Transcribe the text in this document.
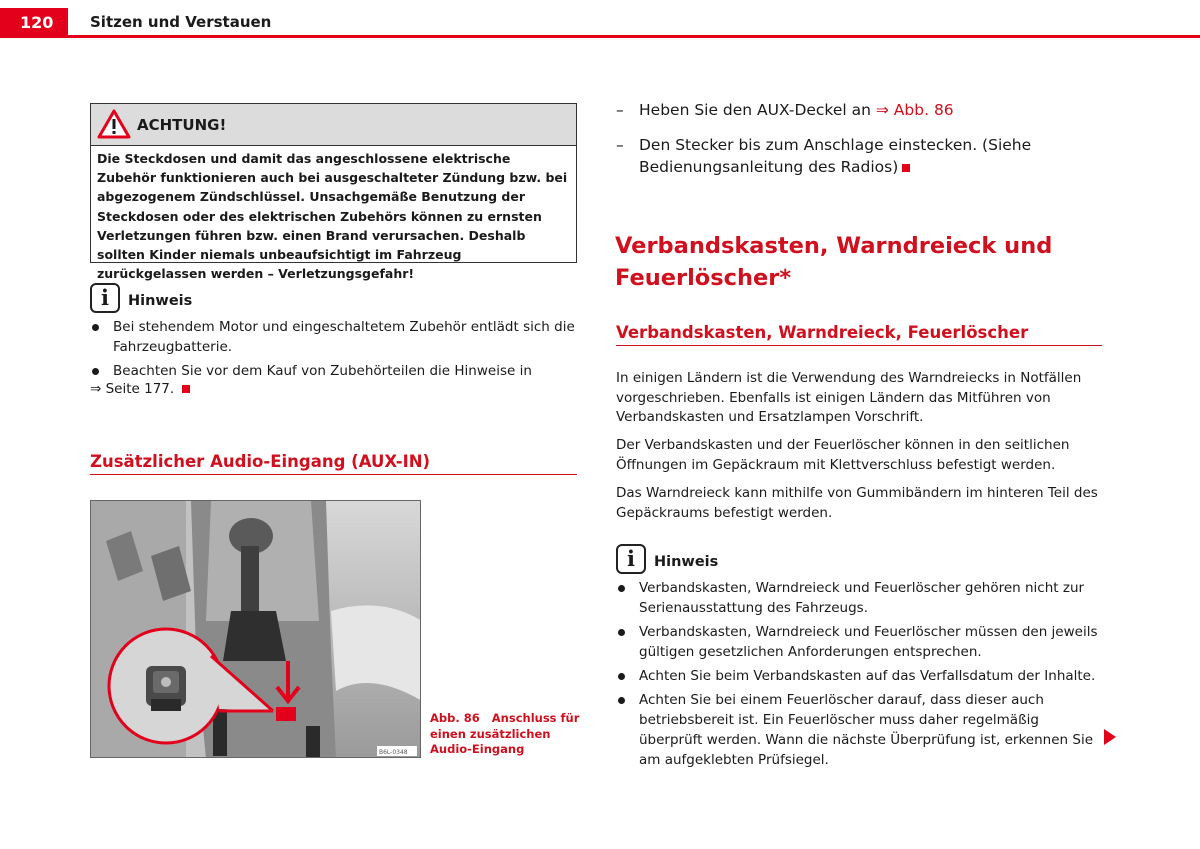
120	Sitzen und Verstauen
ACHTUNG!
Die Steckdosen und damit das angeschlossene elektrische Zubehör funktionieren auch bei ausgeschalteter Zündung bzw. bei abgezogenem Zündschlüssel. Unsachgemäße Benutzung der Steckdosen oder des elektrischen Zubehörs können zu ernsten Verletzungen führen bzw. einen Brand verursachen. Deshalb sollten Kinder niemals unbeaufsichtigt im Fahrzeug zurückgelassen werden – Verletzungsgefahr!
i	Hinweis
Bei stehendem Motor und eingeschaltetem Zubehör entlädt sich die Fahrzeugbatterie.
Beachten Sie vor dem Kauf von Zubehörteilen die Hinweise in
⇒ Seite 177.
Zusätzlicher Audio-Eingang (AUX-IN)
B6L-0348
Abb. 86 Anschluss für einen zusätzlichen Audio-Eingang
– Heben Sie den AUX-Deckel an ⇒ Abb. 86
– Den Stecker bis zum Anschlage einstecken. (Siehe Bedienungsanleitung des Radios)
Verbandskasten, Warndreieck und Feuerlöscher*
Verbandskasten, Warndreieck, Feuerlöscher
In einigen Ländern ist die Verwendung des Warndreiecks in Notfällen vorgeschrieben. Ebenfalls ist einigen Ländern das Mitführen von Verbandskasten und Ersatzlampen Vorschrift.
Der Verbandskasten und der Feuerlöscher können in den seitlichen Öffnungen im Gepäckraum mit Klettverschluss befestigt werden.
Das Warndreieck kann mithilfe von Gummibändern im hinteren Teil des Gepäckraums befestigt werden.
i	Hinweis
Verbandskasten, Warndreieck und Feuerlöscher gehören nicht zur Serienausstattung des Fahrzeugs.
Verbandskasten, Warndreieck und Feuerlöscher müssen den jeweils gültigen gesetzlichen Anforderungen entsprechen.
Achten Sie beim Verbandskasten auf das Verfallsdatum der Inhalte.
Achten Sie bei einem Feuerlöscher darauf, dass dieser auch betriebsbereit ist. Ein Feuerlöscher muss daher regelmäßig überprüft werden. Wann die nächste Überprüfung ist, erkennen Sie am aufgeklebten Prüfsiegel.
